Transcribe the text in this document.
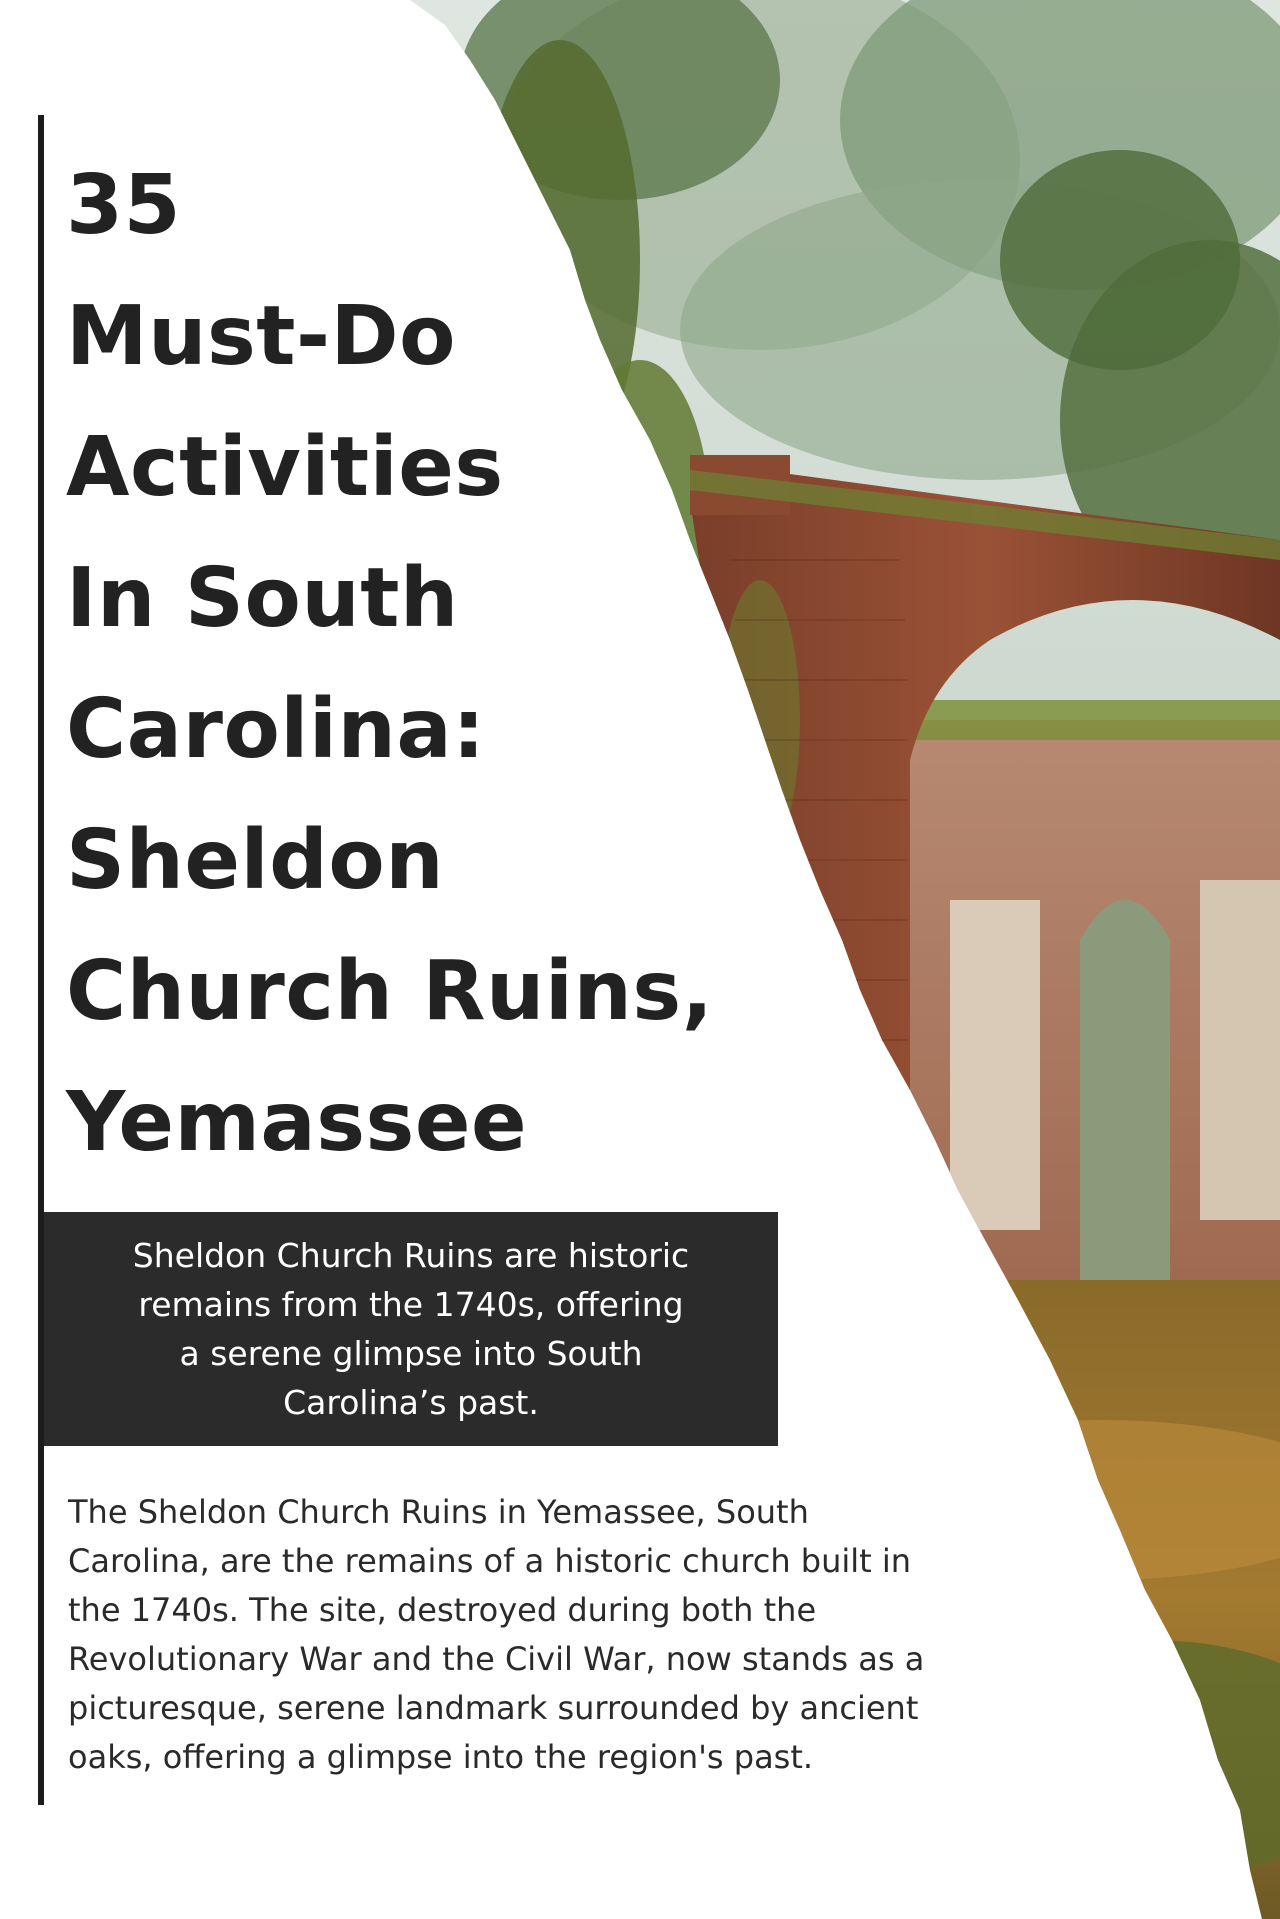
35
Must-Do
Activities
In South
Carolina:
Sheldon
Church Ruins,
Yemassee

Sheldon Church Ruins are historic
remains from the 1740s, offering
a serene glimpse into South
Carolina’s past.

The Sheldon Church Ruins in Yemassee, South
Carolina, are the remains of a historic church built in
the 1740s. The site, destroyed during both the
Revolutionary War and the Civil War, now stands as a
picturesque, serene landmark surrounded by ancient
oaks, offering a glimpse into the region's past.
